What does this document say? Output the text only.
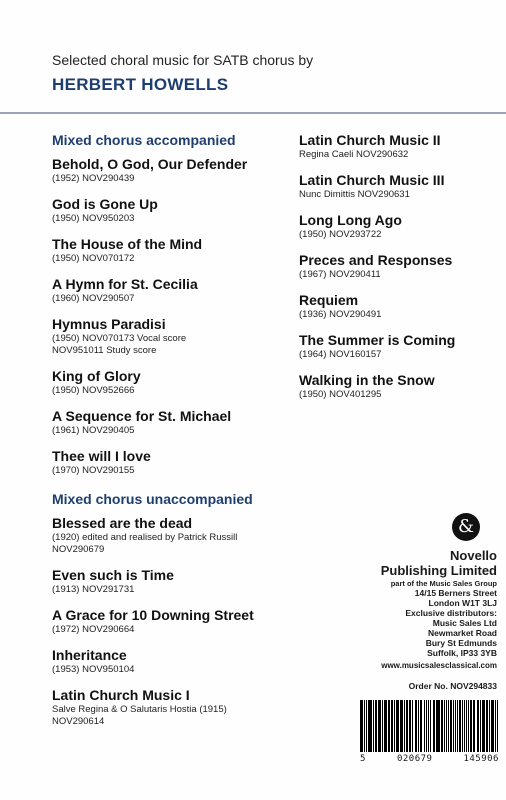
Selected choral music for SATB chorus by
HERBERT HOWELLS
Mixed chorus accompanied
Behold, O God, Our Defender
(1952) NOV290439
God is Gone Up
(1950) NOV950203
The House of the Mind
(1950) NOV070172
A Hymn for St. Cecilia
(1960) NOV290507
Hymnus Paradisi
(1950) NOV070173 Vocal score
NOV951011 Study score
King of Glory
(1950) NOV952666
A Sequence for St. Michael
(1961) NOV290405
Thee will I love
(1970) NOV290155
Mixed chorus unaccompanied
Blessed are the dead
(1920) edited and realised by Patrick Russill
NOV290679
Even such is Time
(1913) NOV291731
A Grace for 10 Downing Street
(1972) NOV290664
Inheritance
(1953) NOV950104
Latin Church Music I
Salve Regina & O Salutaris Hostia (1915)
NOV290614
Latin Church Music II
Regina Caeli NOV290632
Latin Church Music III
Nunc Dimittis NOV290631
Long Long Ago
(1950) NOV293722
Preces and Responses
(1967) NOV290411
Requiem
(1936) NOV290491
The Summer is Coming
(1964) NOV160157
Walking in the Snow
(1950) NOV401295
&
Novello
Publishing Limited
part of the Music Sales Group
14/15 Berners Street
London W1T 3LJ
Exclusive distributors:
Music Sales Ltd
Newmarket Road
Bury St Edmunds
Suffolk, IP33 3YB
www.musicsalesclassical.com
Order No. NOV294833
5	020679	145906
